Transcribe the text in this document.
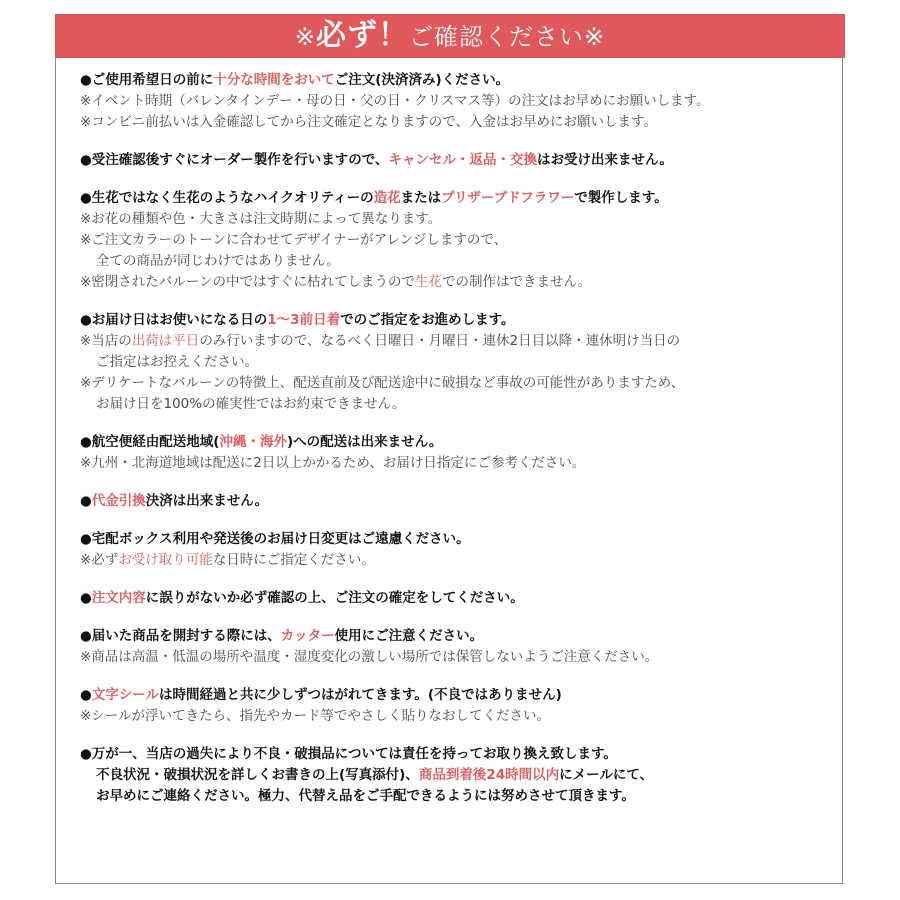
※必ず！ご確認ください※
●ご使用希望日の前に十分な時間をおいてご注文(決済済み)ください。
※イベント時期（バレンタインデー・母の日・父の日・クリスマス等）の注文はお早めにお願いします。
※コンビニ前払いは入金確認してから注文確定となりますので、入金はお早めにお願いします。
●受注確認後すぐにオーダー製作を行いますので、キャンセル・返品・交換はお受け出来ません。
●生花ではなく生花のようなハイクオリティーの造花またはプリザーブドフラワーで製作します。
※お花の種類や色・大きさは注文時期によって異なります。
※ご注文カラーのトーンに合わせてデザイナーがアレンジしますので、
全ての商品が同じわけではありません。
※密閉されたバルーンの中ではすぐに枯れてしまうので生花での制作はできません。
●お届け日はお使いになる日の1～3前日着でのご指定をお進めします。
※当店の出荷は平日のみ行いますので、なるべく日曜日・月曜日・連休2日目以降・連休明け当日の
ご指定はお控えください。
※デリケートなバルーンの特徴上、配送直前及び配送途中に破損など事故の可能性がありますため、
お届け日を100%の確実性ではお約束できません。
●航空便経由配送地域(沖縄・海外)への配送は出来ません。
※九州・北海道地域は配送に2日以上かかるため、お届け日指定にご参考ください。
●代金引換決済は出来ません。
●宅配ボックス利用や発送後のお届け日変更はご遠慮ください。
※必ずお受け取り可能な日時にご指定ください。
●注文内容に誤りがないか必ず確認の上、ご注文の確定をしてください。
●届いた商品を開封する際には、カッター使用にご注意ください。
※商品は高温・低温の場所や温度・湿度変化の激しい場所では保管しないようご注意ください。
●文字シールは時間経過と共に少しずつはがれてきます。(不良ではありません)
※シールが浮いてきたら、指先やカード等でやさしく貼りなおしてください。
●万が一、当店の過失により不良・破損品については責任を持ってお取り換え致します。
不良状況・破損状況を詳しくお書きの上(写真添付)、商品到着後24時間以内にメールにて、
お早めにご連絡ください。極力、代替え品をご手配できるようには努めさせて頂きます。
